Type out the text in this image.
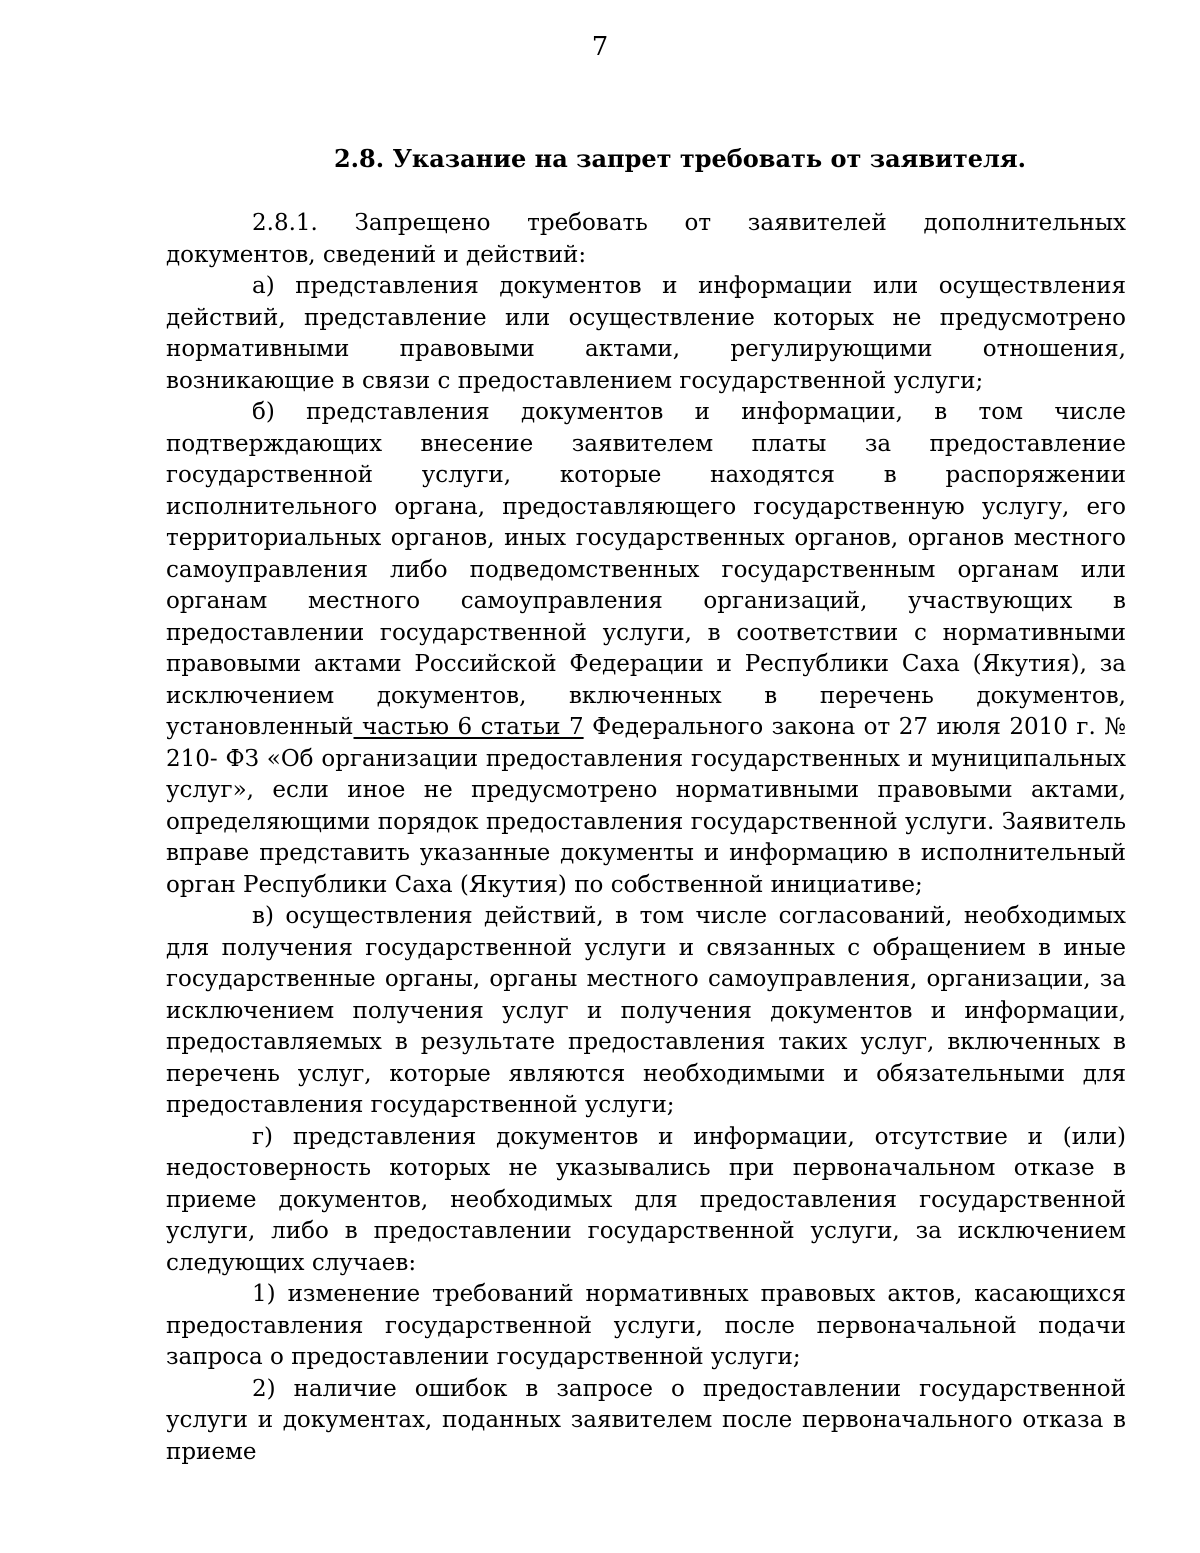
7
2.8. Указание на запрет требовать от заявителя.

2.8.1. Запрещено требовать от заявителей дополнительных документов, сведений и действий:

а) представления документов и информации или осуществления действий, представление или осуществление которых не предусмотрено нормативными правовыми актами, регулирующими отношения, возникающие в связи с предоставлением государственной услуги;

б) представления документов и информации, в том числе подтверждающих внесение заявителем платы за предоставление государственной услуги, которые находятся в распоряжении исполнительного органа, предоставляющего государственную услугу, его территориальных органов, иных государственных органов, органов местного самоуправления либо подведомственных государственным органам или органам местного самоуправления организаций, участвующих в предоставлении государственной услуги, в соответствии с нормативными правовыми актами Российской Федерации и Республики Саха (Якутия), за исключением документов, включенных в перечень документов, установленный частью 6 статьи 7 Федерального закона от 27 июля 2010 г. № 210- ФЗ «Об организации предоставления государственных и муниципальных услуг», если иное не предусмотрено нормативными правовыми актами, определяющими порядок предоставления государственной услуги. Заявитель вправе представить указанные документы и информацию в исполнительный орган Республики Саха (Якутия) по собственной инициативе;

в) осуществления действий, в том числе согласований, необходимых для получения государственной услуги и связанных с обращением в иные государственные органы, органы местного самоуправления, организации, за исключением получения услуг и получения документов и информации, предоставляемых в результате предоставления таких услуг, включенных в перечень услуг, которые являются необходимыми и обязательными для предоставления государственной услуги;

г) представления документов и информации, отсутствие и (или) недостоверность которых не указывались при первоначальном отказе в приеме документов, необходимых для предоставления государственной услуги, либо в предоставлении государственной услуги, за исключением следующих случаев:

1) изменение требований нормативных правовых актов, касающихся предоставления государственной услуги, после первоначальной подачи запроса о предоставлении государственной услуги;

2) наличие ошибок в запросе о предоставлении государственной услуги и документах, поданных заявителем после первоначального отказа в приеме
